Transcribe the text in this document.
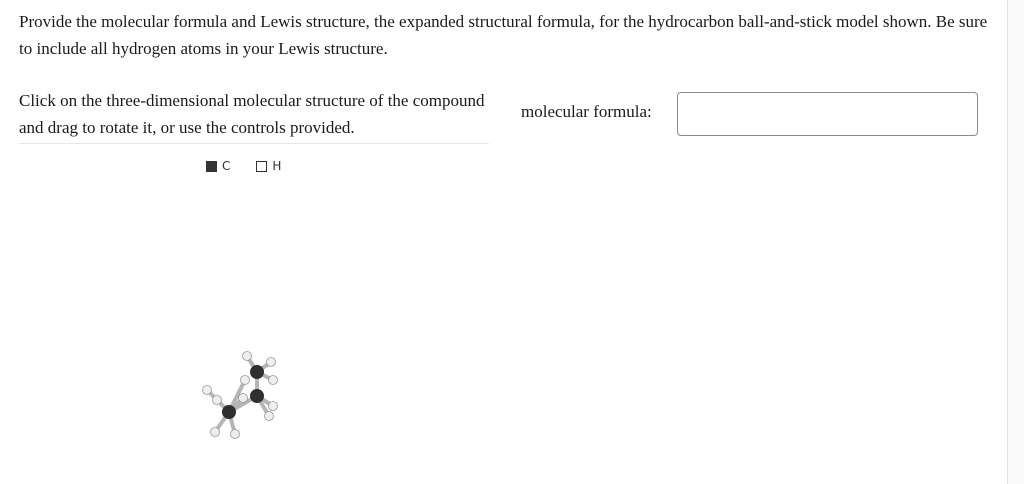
Provide the molecular formula and Lewis structure, the expanded structural formula, for the hydrocarbon ball-and-stick model shown. Be sure to include all hydrogen atoms in your Lewis structure.
Click on the three-dimensional molecular structure of the compound and drag to rotate it, or use the controls provided.
C	H
molecular formula:
